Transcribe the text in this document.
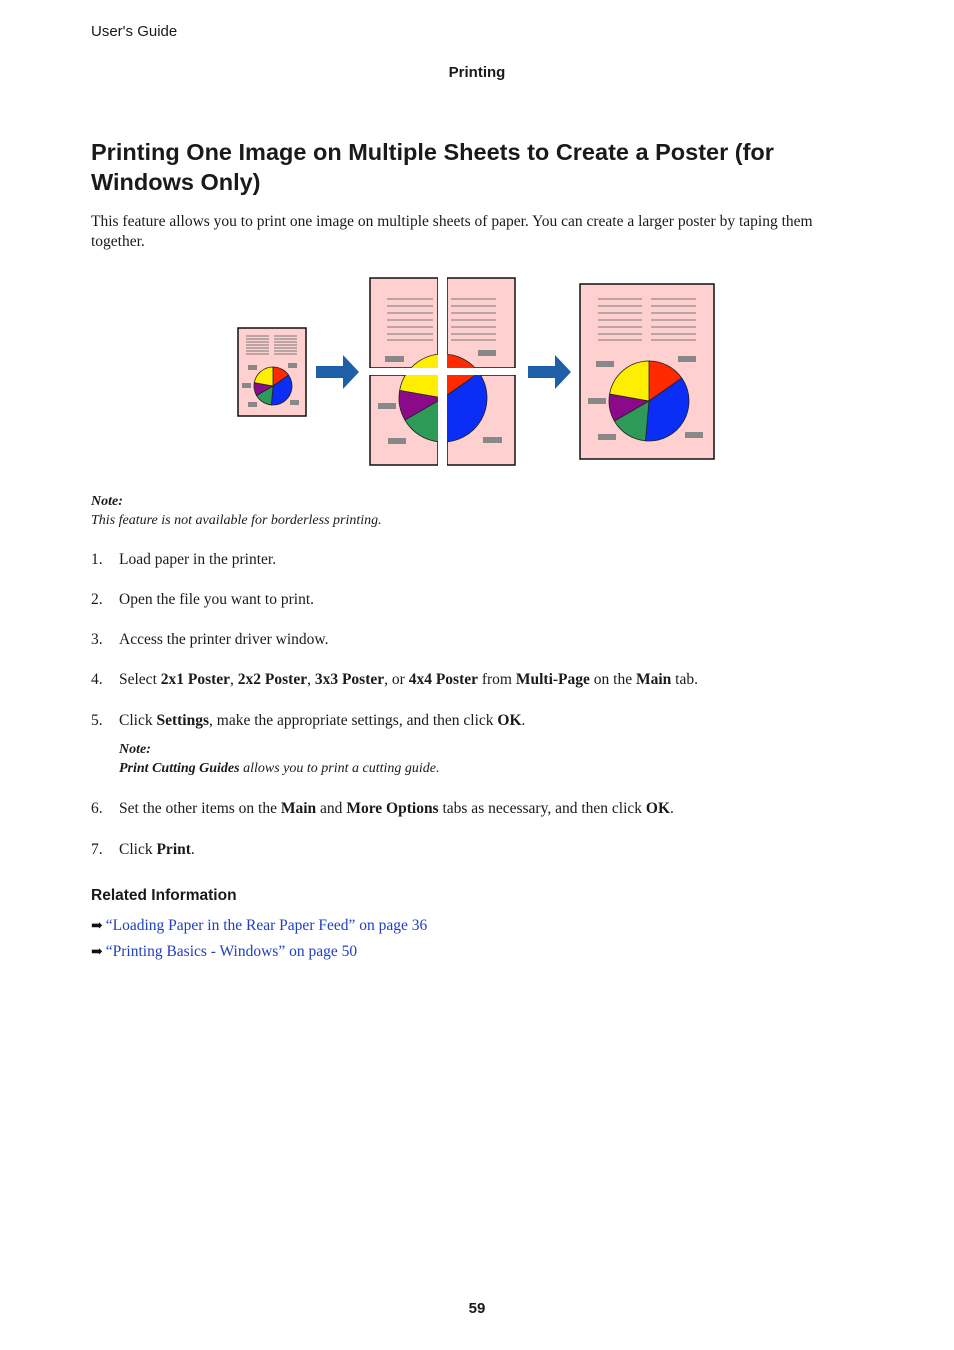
User's Guide
Printing
Printing One Image on Multiple Sheets to Create a Poster (for Windows Only)

This feature allows you to print one image on multiple sheets of paper. You can create a larger poster by taping them together.

Note:
This feature is not available for borderless printing.
1. Load paper in the printer.
2. Open the file you want to print.
3. Access the printer driver window.
4. Select 2x1 Poster, 2x2 Poster, 3x3 Poster, or 4x4 Poster from Multi-Page on the Main tab.
5. Click Settings, make the appropriate settings, and then click OK.
Note:
Print Cutting Guides allows you to print a cutting guide.
6. Set the other items on the Main and More Options tabs as necessary, and then click OK.
7. Click Print.
Related Information
➡ “Loading Paper in the Rear Paper Feed” on page 36
➡ “Printing Basics - Windows” on page 50
59
